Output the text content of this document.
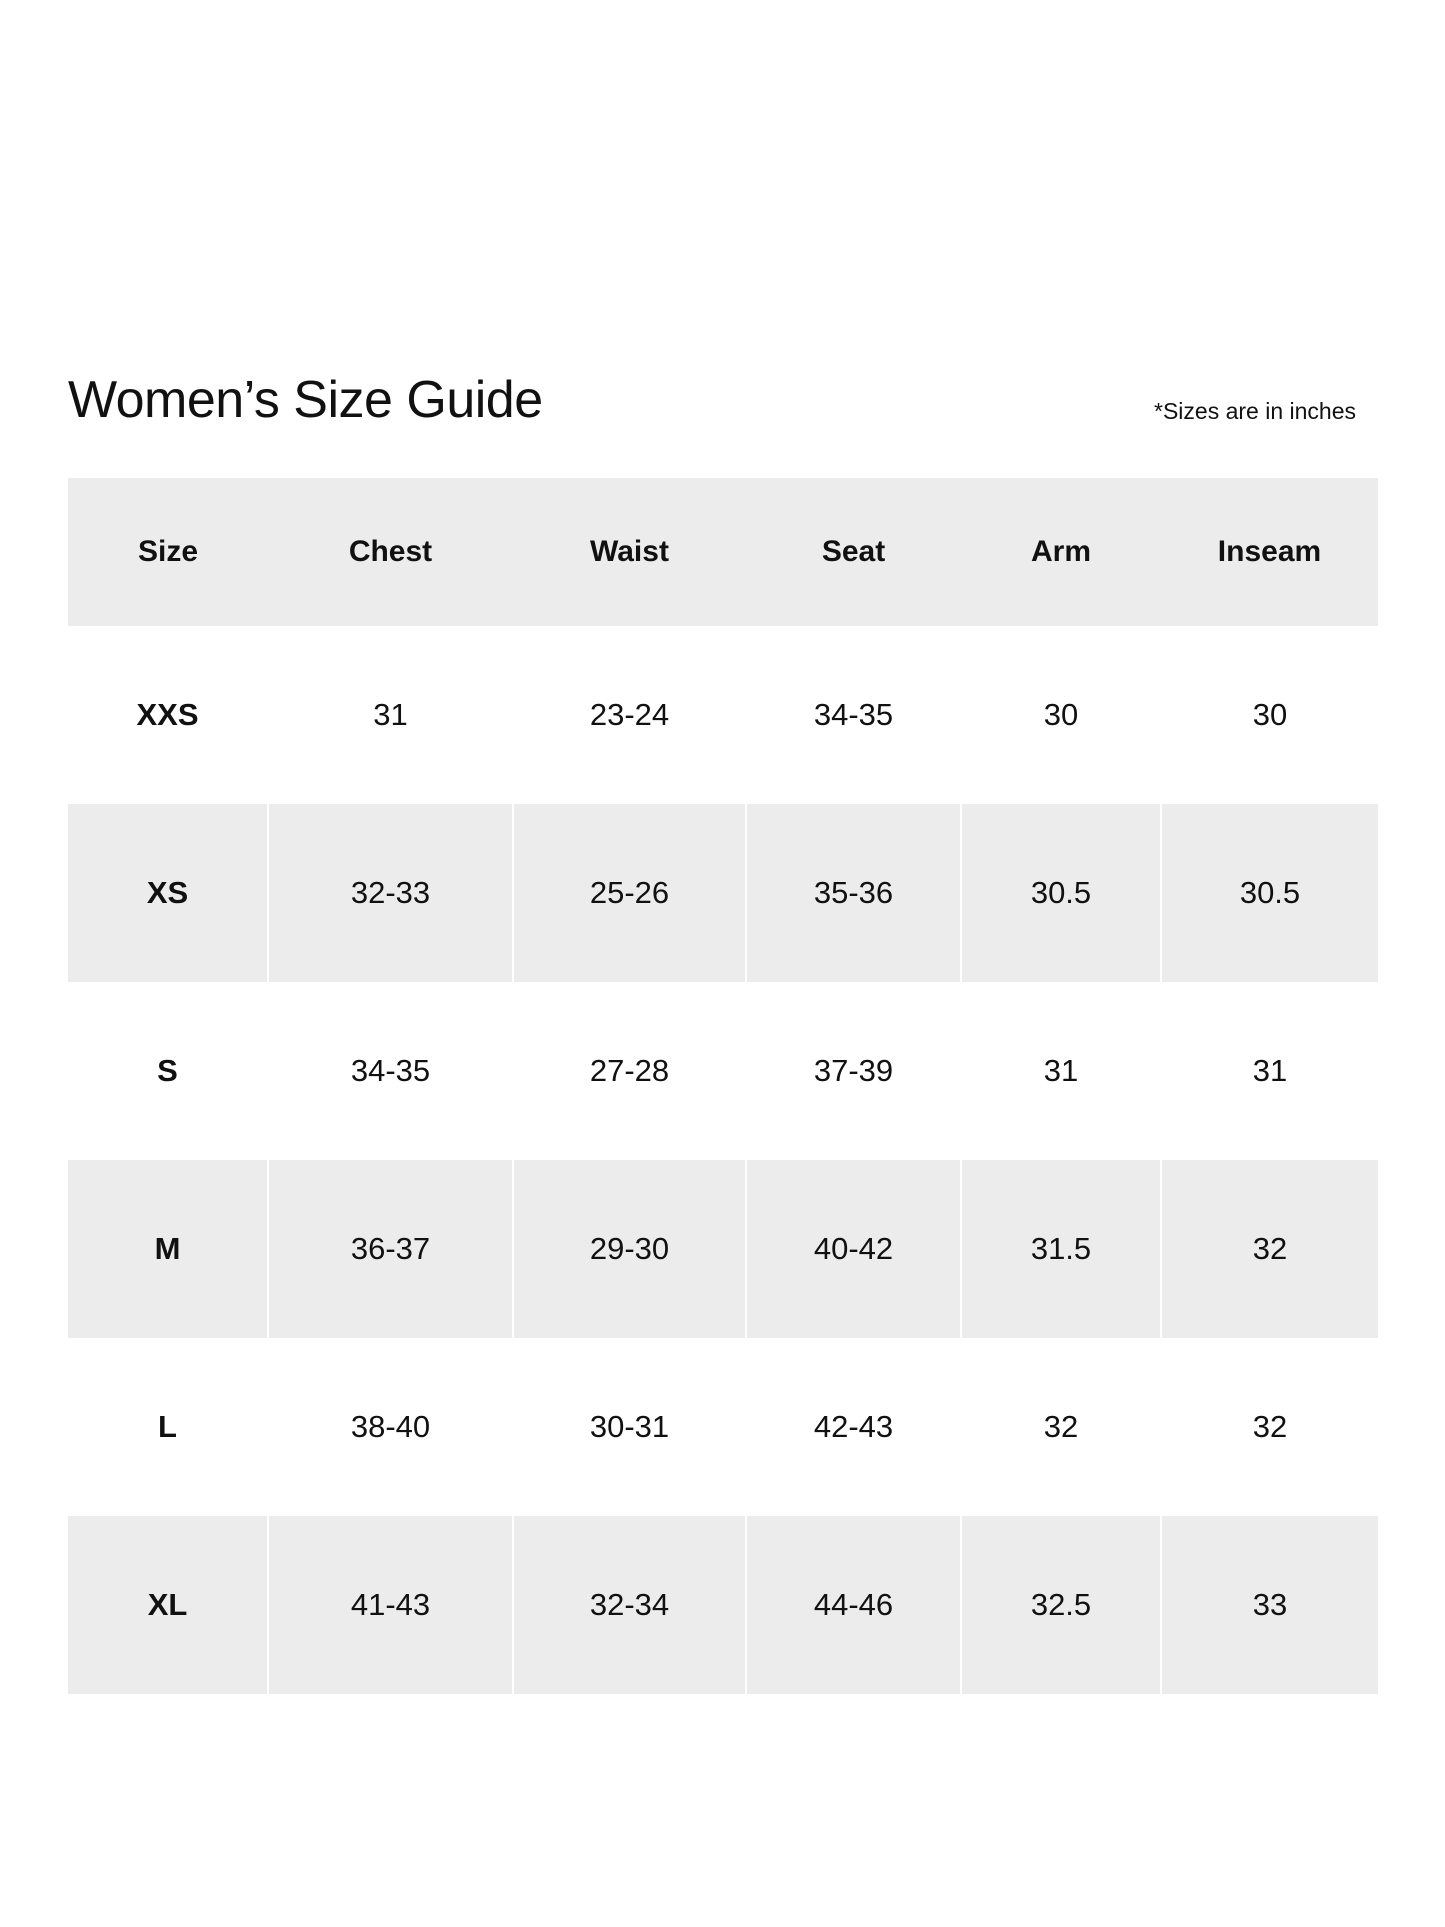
Women’s Size Guide	*Sizes are in inches
Size	Chest	Waist	Seat	Arm	Inseam
XXS	31	23-24	34-35	30	30
XS	32-33	25-26	35-36	30.5	30.5
S	34-35	27-28	37-39	31	31
M	36-37	29-30	40-42	31.5	32
L	38-40	30-31	42-43	32	32
XL	41-43	32-34	44-46	32.5	33
